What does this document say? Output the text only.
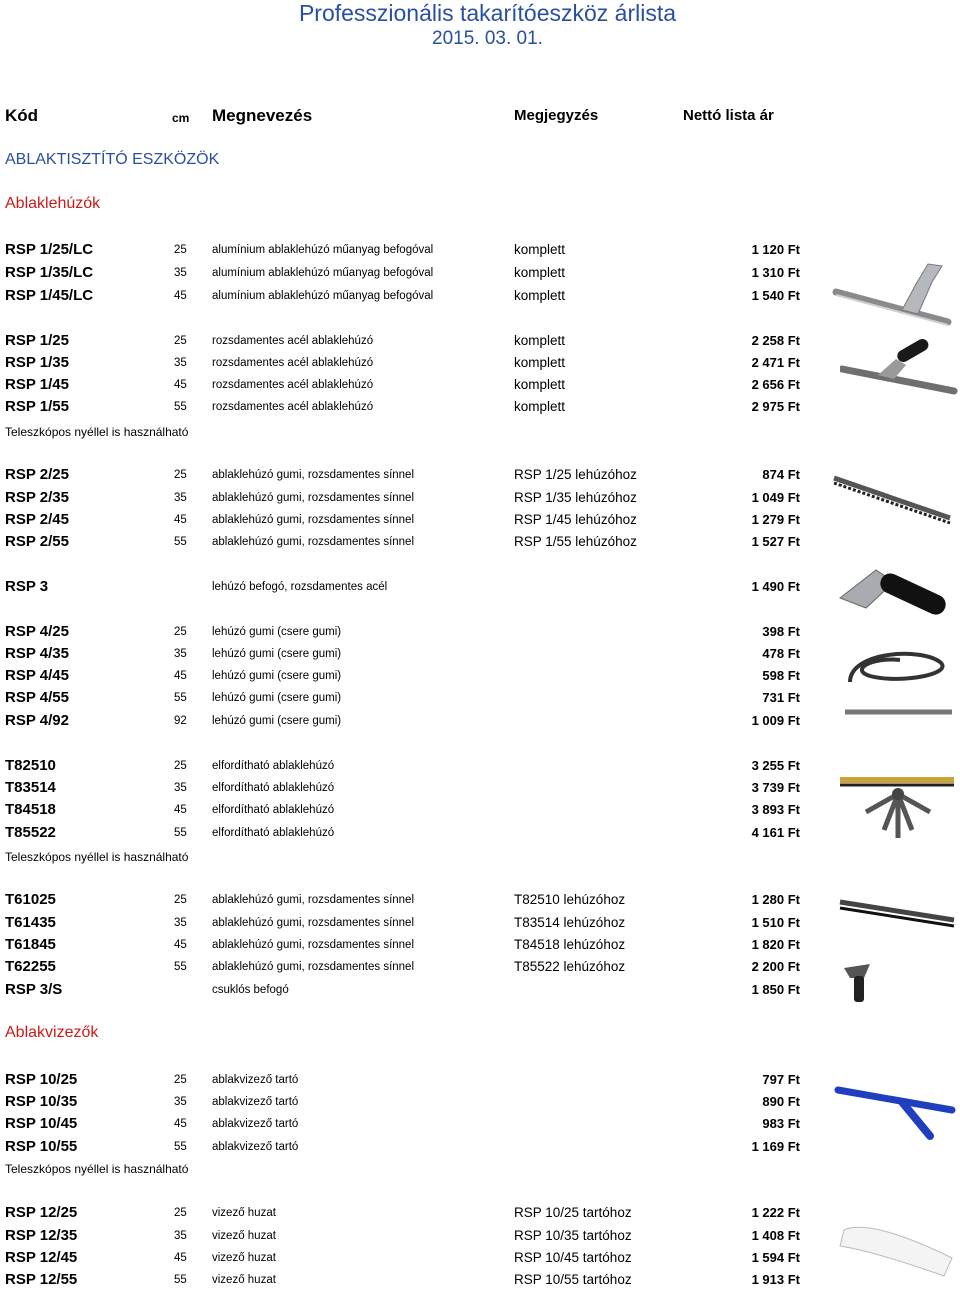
Professzionális takarítóeszköz árlista
2015. 03. 01.
Kód	cm Megnevezés	Megjegyzés	Nettó lista ár
ABLAKTISZTÍTÓ ESZKÖZÖK
Ablaklehúzók
Ablakvizezők
Teleszkópos nyéllel is használható
Teleszkópos nyéllel is használható
Teleszkópos nyéllel is használható
RSP 1/25/LC	25 alumínium ablaklehúzó műanyag befogóval	komplett	1 120 Ft
RSP 1/35/LC	35 alumínium ablaklehúzó műanyag befogóval	komplett	1 310 Ft
RSP 1/45/LC	45 alumínium ablaklehúzó műanyag befogóval	komplett	1 540 Ft
RSP 1/25	25 rozsdamentes acél ablaklehúzó	komplett	2 258 Ft
RSP 1/35	35 rozsdamentes acél ablaklehúzó	komplett	2 471 Ft
RSP 1/45	45 rozsdamentes acél ablaklehúzó	komplett	2 656 Ft
RSP 1/55	55 rozsdamentes acél ablaklehúzó	komplett	2 975 Ft
RSP 2/25	25 ablaklehúzó gumi, rozsdamentes sínnel	RSP 1/25 lehúzóhoz	874 Ft
RSP 2/35	35 ablaklehúzó gumi, rozsdamentes sínnel	RSP 1/35 lehúzóhoz	1 049 Ft
RSP 2/45	45 ablaklehúzó gumi, rozsdamentes sínnel	RSP 1/45 lehúzóhoz	1 279 Ft
RSP 2/55	55 ablaklehúzó gumi, rozsdamentes sínnel	RSP 1/55 lehúzóhoz	1 527 Ft
RSP 3	lehúzó befogó, rozsdamentes acél	1 490 Ft
RSP 4/25	25 lehúzó gumi (csere gumi)	398 Ft
RSP 4/35	35 lehúzó gumi (csere gumi)	478 Ft
RSP 4/45	45 lehúzó gumi (csere gumi)	598 Ft
RSP 4/55	55 lehúzó gumi (csere gumi)	731 Ft
RSP 4/92	92 lehúzó gumi (csere gumi)	1 009 Ft
T82510	25 elfordítható ablaklehúzó	3 255 Ft
T83514	35 elfordítható ablaklehúzó	3 739 Ft
T84518	45 elfordítható ablaklehúzó	3 893 Ft
T85522	55 elfordítható ablaklehúzó	4 161 Ft
T61025	25 ablaklehúzó gumi, rozsdamentes sínnel	T82510 lehúzóhoz	1 280 Ft
T61435	35 ablaklehúzó gumi, rozsdamentes sínnel	T83514 lehúzóhoz	1 510 Ft
T61845	45 ablaklehúzó gumi, rozsdamentes sínnel	T84518 lehúzóhoz	1 820 Ft
T62255	55 ablaklehúzó gumi, rozsdamentes sínnel	T85522 lehúzóhoz	2 200 Ft
RSP 3/S	csuklós befogó	1 850 Ft
RSP 10/25	25 ablakvizező tartó	797 Ft
RSP 10/35	35 ablakvizező tartó	890 Ft
RSP 10/45	45 ablakvizező tartó	983 Ft
RSP 10/55	55 ablakvizező tartó	1 169 Ft
RSP 12/25	25 vizező huzat	RSP 10/25 tartóhoz	1 222 Ft
RSP 12/35	35 vizező huzat	RSP 10/35 tartóhoz	1 408 Ft
RSP 12/45	45 vizező huzat	RSP 10/45 tartóhoz	1 594 Ft
RSP 12/55	55 vizező huzat	RSP 10/55 tartóhoz	1 913 Ft
